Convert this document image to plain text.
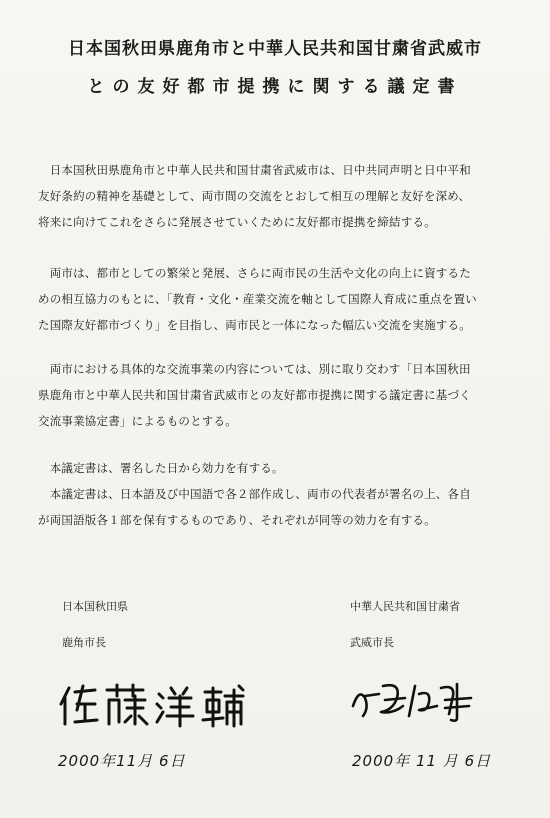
日本国秋田県鹿角市と中華人民共和国甘粛省武威市
との友好都市提携に関する議定書
　日本国秋田県鹿角市と中華人民共和国甘粛省武威市は、日中共同声明と日中平和
友好条約の精神を基礎として、両市間の交流をとおして相互の理解と友好を深め、
将来に向けてこれをさらに発展させていくために友好都市提携を締結する。
　両市は、都市としての繁栄と発展、さらに両市民の生活や文化の向上に資するた
めの相互協力のもとに、「教育・文化・産業交流を軸として国際人育成に重点を置い
た国際友好都市づくり」を目指し、両市民と一体になった幅広い交流を実施する。
　両市における具体的な交流事業の内容については、別に取り交わす「日本国秋田
県鹿角市と中華人民共和国甘粛省武威市との友好都市提携に関する議定書に基づく
交流事業協定書」によるものとする。
　本議定書は、署名した日から効力を有する。
　本議定書は、日本語及び中国語で各２部作成し、両市の代表者が署名の上、各自
が両国語版各１部を保有するものであり、それぞれが同等の効力を有する。
日本国秋田県
鹿角市長
中華人民共和国甘粛省
武威市長
2000年11月 6日	2000年 11 月 6日
